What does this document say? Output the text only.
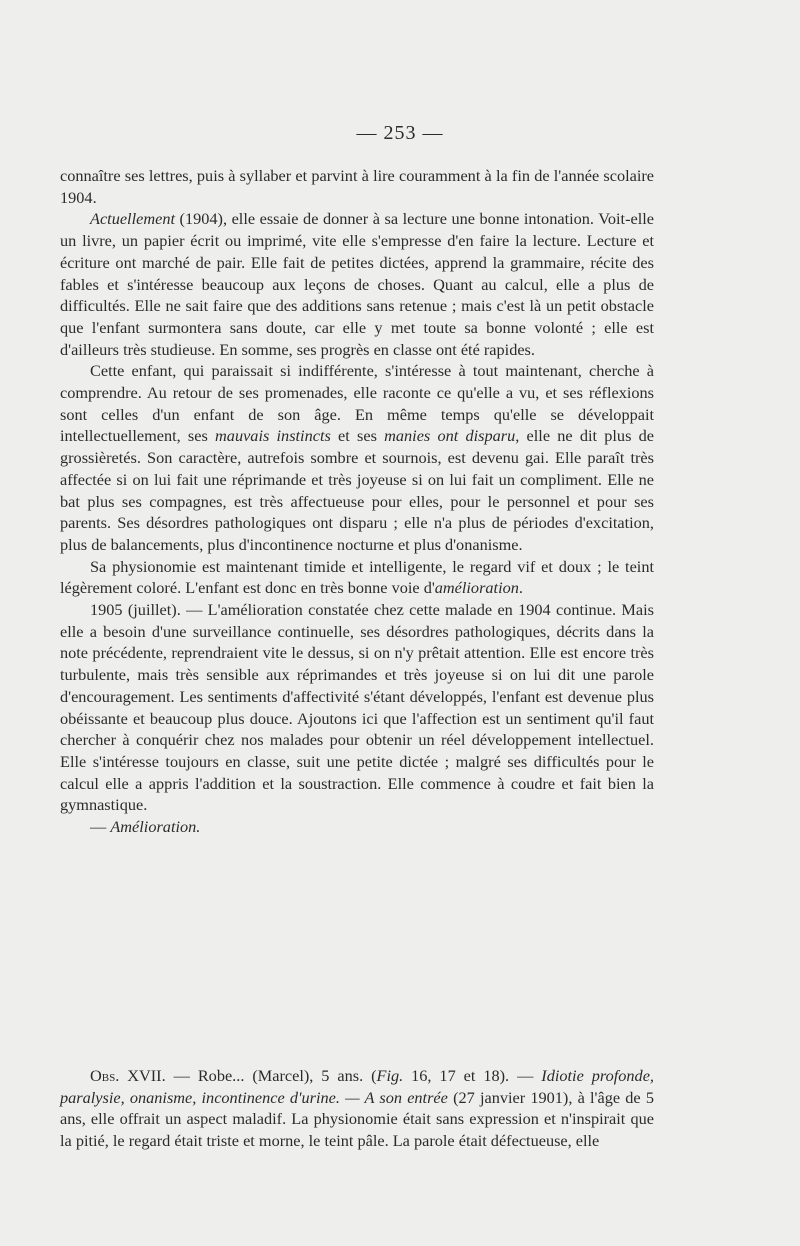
— 253 —

connaître ses lettres, puis à syllaber et parvint à lire couramment à la fin de l'année scolaire 1904.

Actuellement (1904), elle essaie de donner à sa lecture une bonne intonation. Voit-elle un livre, un papier écrit ou imprimé, vite elle s'empresse d'en faire la lecture. Lecture et écriture ont marché de pair. Elle fait de petites dictées, apprend la grammaire, récite des fables et s'intéresse beaucoup aux leçons de choses. Quant au calcul, elle a plus de difficultés. Elle ne sait faire que des additions sans retenue ; mais c'est là un petit obstacle que l'enfant surmontera sans doute, car elle y met toute sa bonne volonté ; elle est d'ailleurs très studieuse. En somme, ses progrès en classe ont été rapides.

Cette enfant, qui paraissait si indifférente, s'intéresse à tout maintenant, cherche à comprendre. Au retour de ses promenades, elle raconte ce qu'elle a vu, et ses réflexions sont celles d'un enfant de son âge. En même temps qu'elle se développait intellectuellement, ses mauvais instincts et ses manies ont disparu, elle ne dit plus de grossièretés. Son caractère, autrefois sombre et sournois, est devenu gai. Elle paraît très affectée si on lui fait une réprimande et très joyeuse si on lui fait un compliment. Elle ne bat plus ses compagnes, est très affectueuse pour elles, pour le personnel et pour ses parents. Ses désordres pathologiques ont disparu ; elle n'a plus de périodes d'excitation, plus de balancements, plus d'incontinence nocturne et plus d'onanisme.

Sa physionomie est maintenant timide et intelligente, le regard vif et doux ; le teint légèrement coloré. L'enfant est donc en très bonne voie d'amélioration.

1905 (juillet). — L'amélioration constatée chez cette malade en 1904 continue. Mais elle a besoin d'une surveillance continuelle, ses désordres pathologiques, décrits dans la note précédente, reprendraient vite le dessus, si on n'y prêtait attention. Elle est encore très turbulente, mais très sensible aux réprimandes et très joyeuse si on lui dit une parole d'encouragement. Les sentiments d'affectivité s'étant développés, l'enfant est devenue plus obéissante et beaucoup plus douce. Ajoutons ici que l'affection est un sentiment qu'il faut chercher à conquérir chez nos malades pour obtenir un réel développement intellectuel. Elle s'intéresse toujours en classe, suit une petite dictée ; malgré ses difficultés pour le calcul elle a appris l'addition et la soustraction. Elle commence à coudre et fait bien la gymnastique.

— Amélioration.

Obs. XVII. — Robe... (Marcel), 5 ans. (Fig. 16, 17 et 18). — Idiotie profonde, paralysie, onanisme, incontinence d'urine. — A son entrée (27 janvier 1901), à l'âge de 5 ans, elle offrait un aspect maladif. La physionomie était sans expression et n'inspirait que la pitié, le regard était triste et morne, le teint pâle. La parole était défectueuse, elle
